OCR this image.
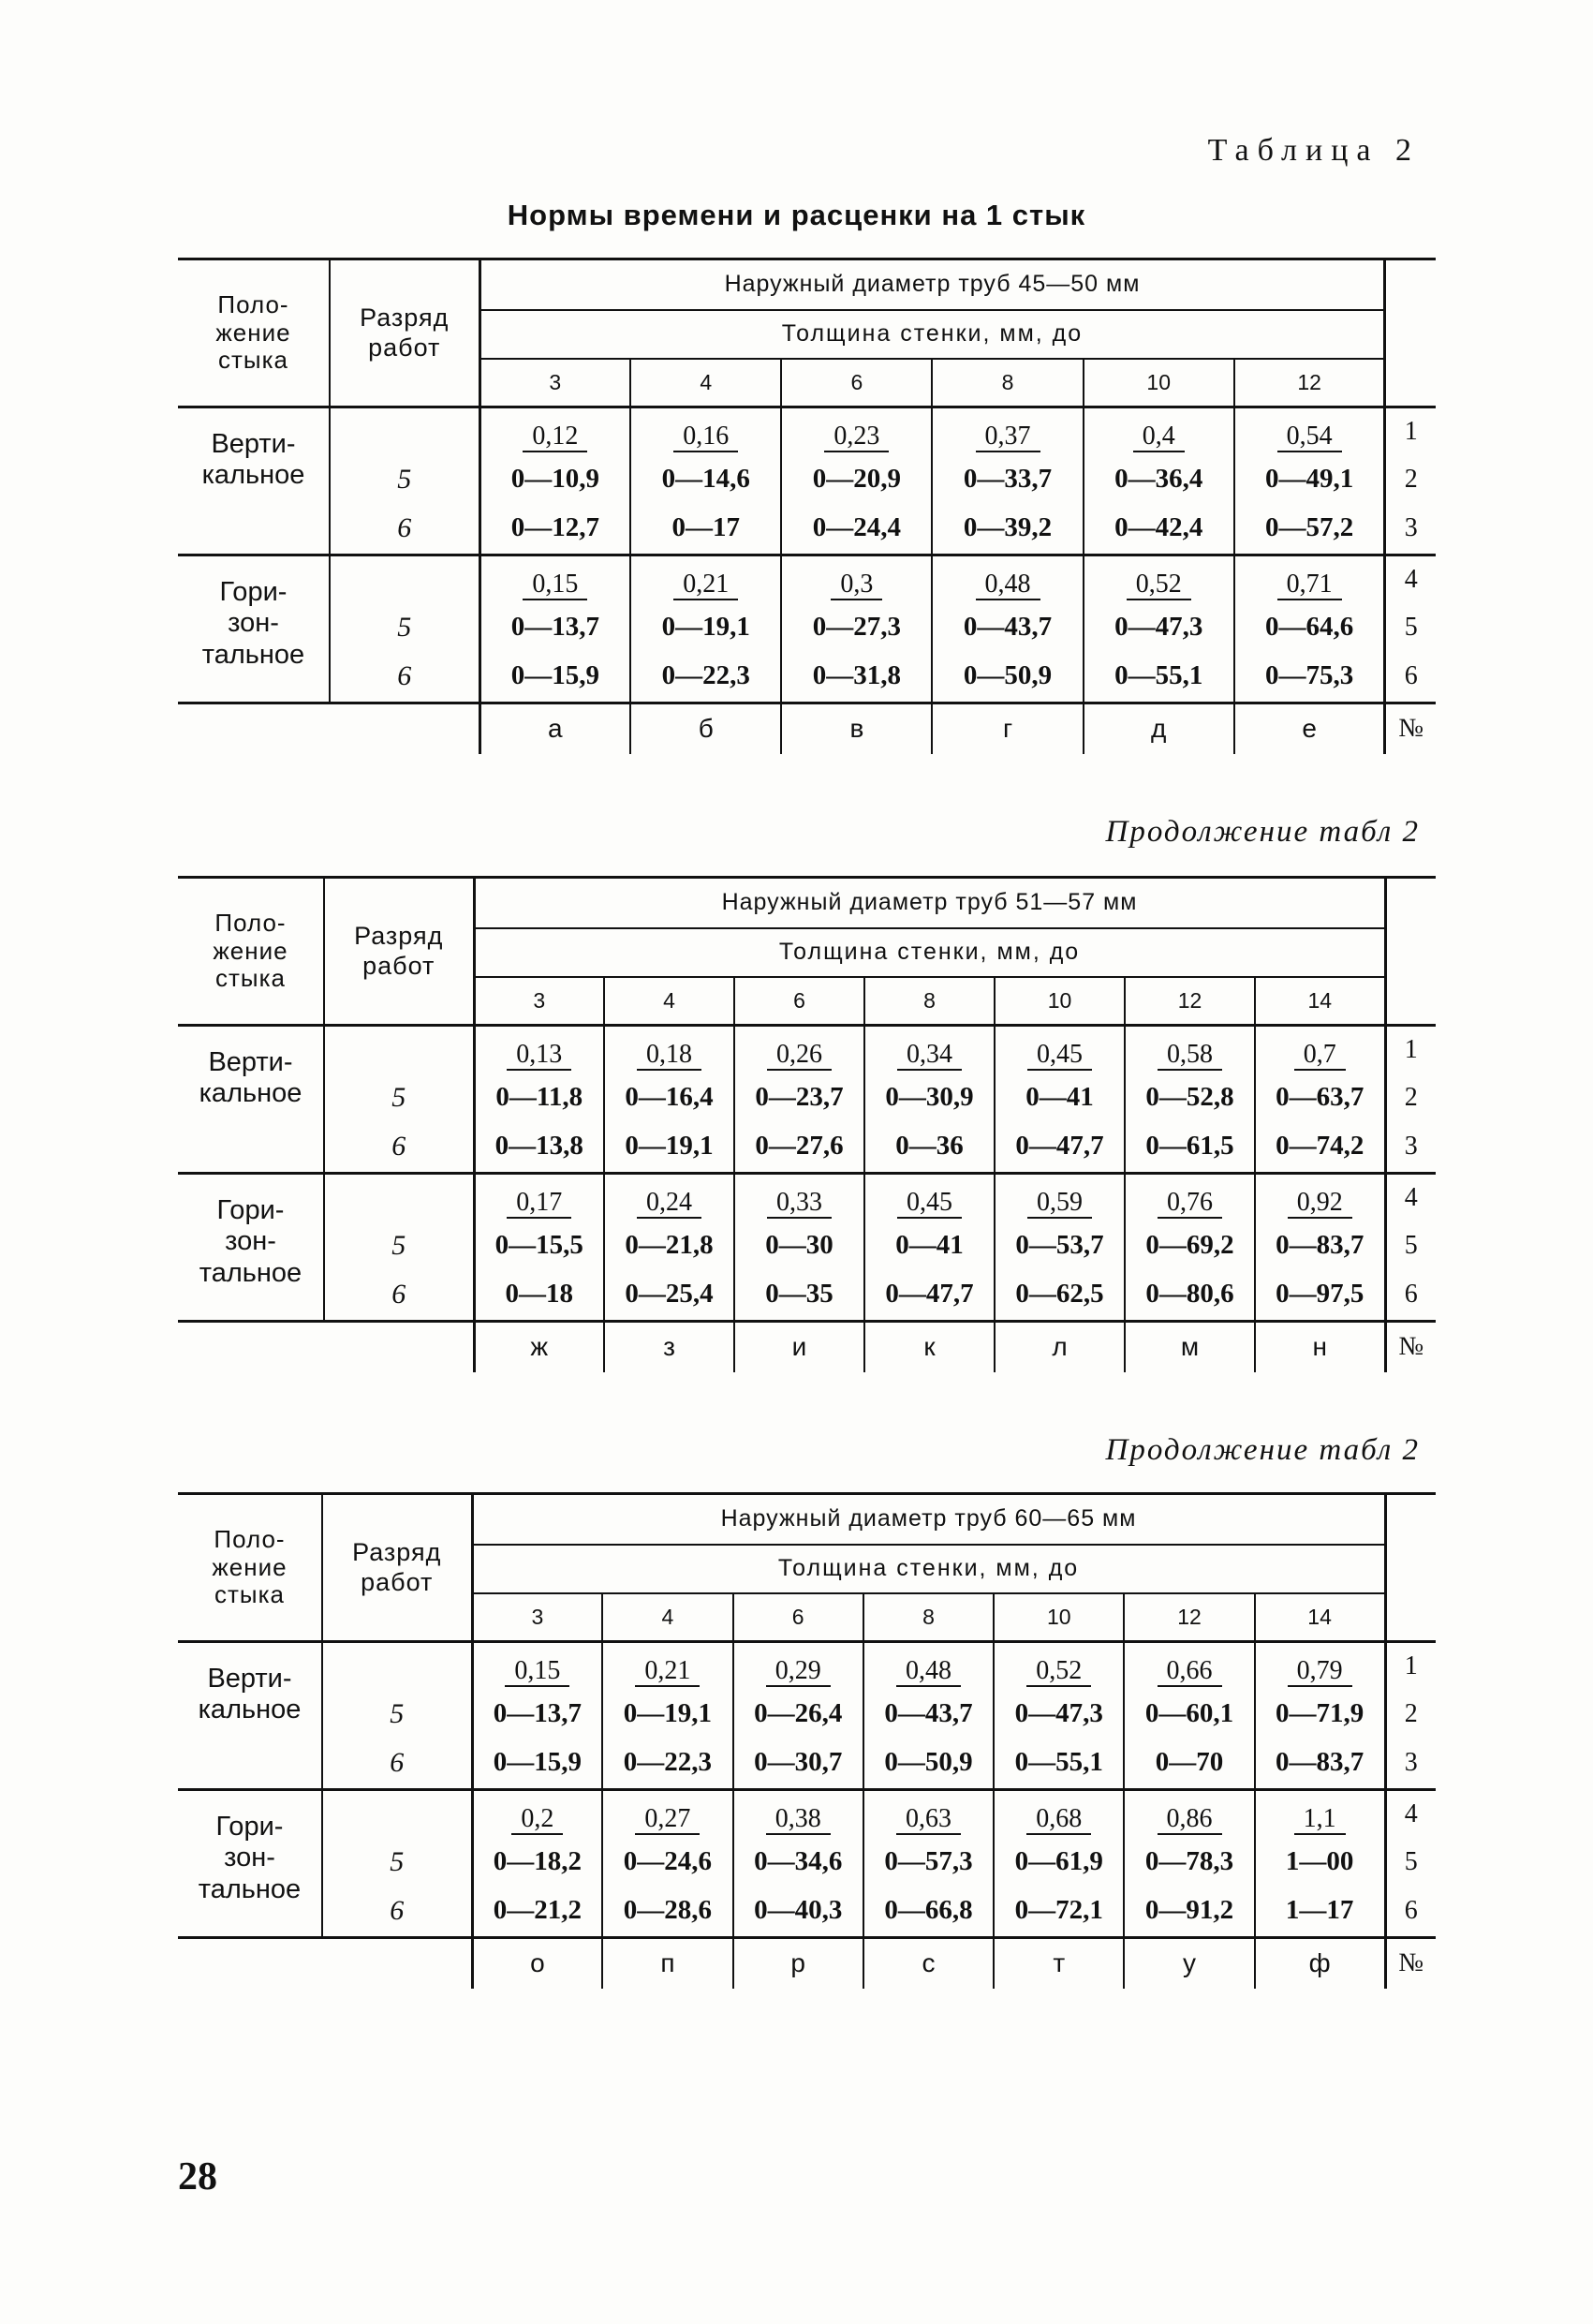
Таблица 2
Нормы времени и расценки на 1 стык
Продолжение табл 2
Продолжение табл 2
Поло-
жение
стыка	Разряд
работ	Наружный диаметр труб 45—50 мм						
		Толщина стенки, мм, до						
		3	4	6	8	10	12	
Верти-
кальное		0,12	0,16	0,23	0,37	0,4	0,54	1
	5	0—10,9	0—14,6	0—20,9	0—33,7	0—36,4	0—49,1	2
	6	0—12,7	0—17	0—24,4	0—39,2	0—42,4	0—57,2	3
Гори-
зон-
тальное		0,15	0,21	0,3	0,48	0,52	0,71	4
	5	0—13,7	0—19,1	0—27,3	0—43,7	0—47,3	0—64,6	5
	6	0—15,9	0—22,3	0—31,8	0—50,9	0—55,1	0—75,3	6
		а	б	в	г	д	е	№
Поло-
жение
стыка	Разряд
работ	Наружный диаметр труб 51—57 мм							
		Толщина стенки, мм, до							
		3	4	6	8	10	12	14	
Верти-
кальное		0,13	0,18	0,26	0,34	0,45	0,58	0,7	1
	5	0—11,8	0—16,4	0—23,7	0—30,9	0—41	0—52,8	0—63,7	2
	6	0—13,8	0—19,1	0—27,6	0—36	0—47,7	0—61,5	0—74,2	3
Гори-
зон-
тальное		0,17	0,24	0,33	0,45	0,59	0,76	0,92	4
	5	0—15,5	0—21,8	0—30	0—41	0—53,7	0—69,2	0—83,7	5
	6	0—18	0—25,4	0—35	0—47,7	0—62,5	0—80,6	0—97,5	6
		ж	з	и	к	л	м	н	№
Поло-
жение
стыка	Разряд
работ	Наружный диаметр труб 60—65 мм							
		Толщина стенки, мм, до							
		3	4	6	8	10	12	14	
Верти-
кальное		0,15	0,21	0,29	0,48	0,52	0,66	0,79	1
	5	0—13,7	0—19,1	0—26,4	0—43,7	0—47,3	0—60,1	0—71,9	2
	6	0—15,9	0—22,3	0—30,7	0—50,9	0—55,1	0—70	0—83,7	3
Гори-
зон-
тальное		0,2	0,27	0,38	0,63	0,68	0,86	1,1	4
	5	0—18,2	0—24,6	0—34,6	0—57,3	0—61,9	0—78,3	1—00	5
	6	0—21,2	0—28,6	0—40,3	0—66,8	0—72,1	0—91,2	1—17	6
		о	п	р	с	т	у	ф	№
28
